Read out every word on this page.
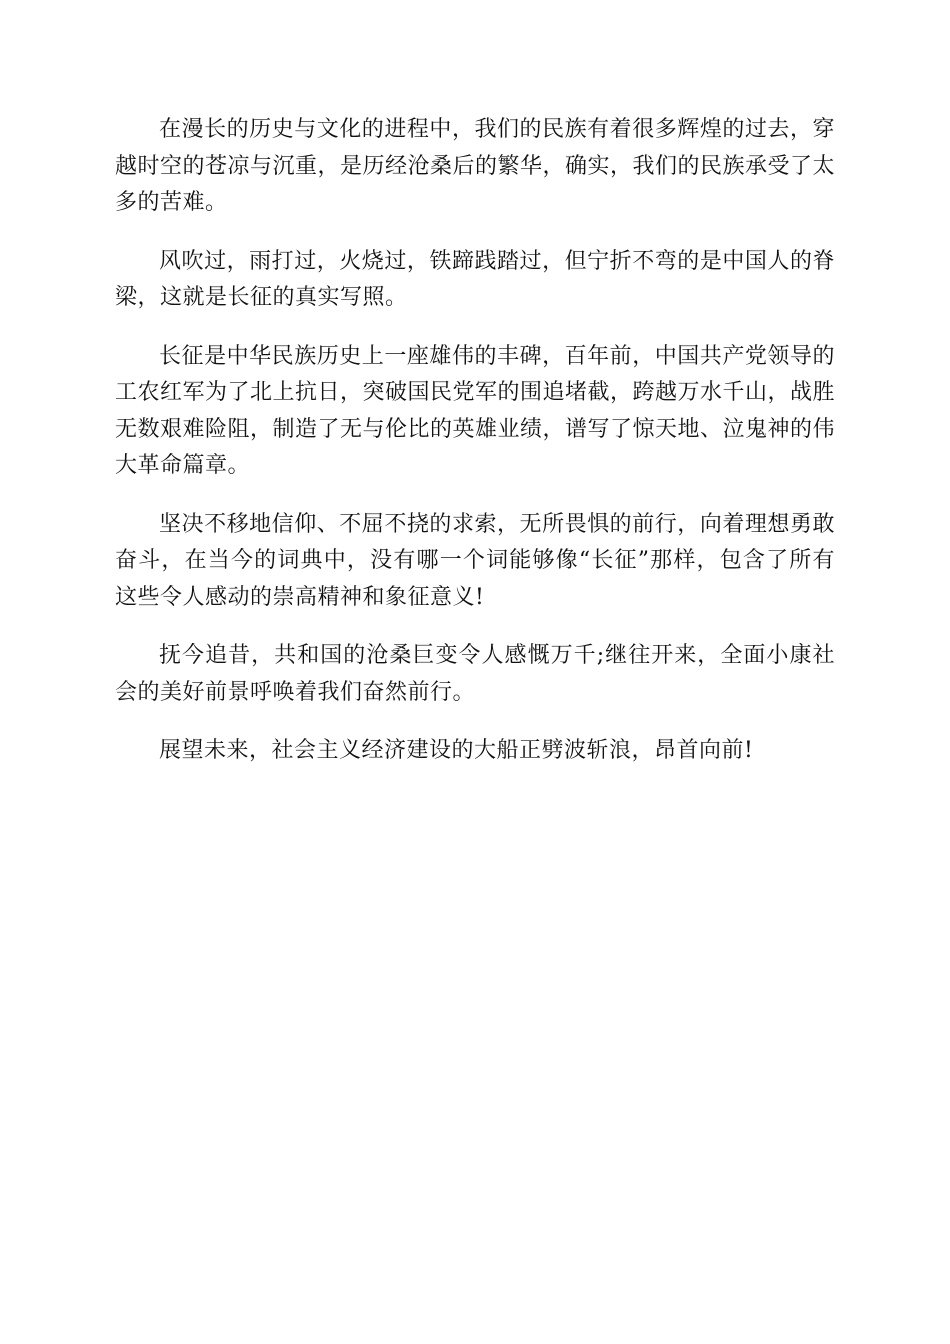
在漫长的历史与文化的进程中，我们的民族有着很多辉煌的过去，穿越时空的苍凉与沉重，是历经沧桑后的繁华，确实，我们的民族承受了太多的苦难。

风吹过，雨打过，火烧过，铁蹄践踏过，但宁折不弯的是中国人的脊梁，这就是长征的真实写照。

长征是中华民族历史上一座雄伟的丰碑，百年前，中国共产党领导的工农红军为了北上抗日，突破国民党军的围追堵截，跨越万水千山，战胜无数艰难险阻，制造了无与伦比的英雄业绩，谱写了惊天地、泣鬼神的伟大革命篇章。

坚决不移地信仰、不屈不挠的求索，无所畏惧的前行，向着理想勇敢奋斗，在当今的词典中，没有哪一个词能够像“长征”那样，包含了所有这些令人感动的崇高精神和象征意义!

抚今追昔，共和国的沧桑巨变令人感慨万千;继往开来，全面小康社会的美好前景呼唤着我们奋然前行。

展望未来，社会主义经济建设的大船正劈波斩浪，昂首向前!
